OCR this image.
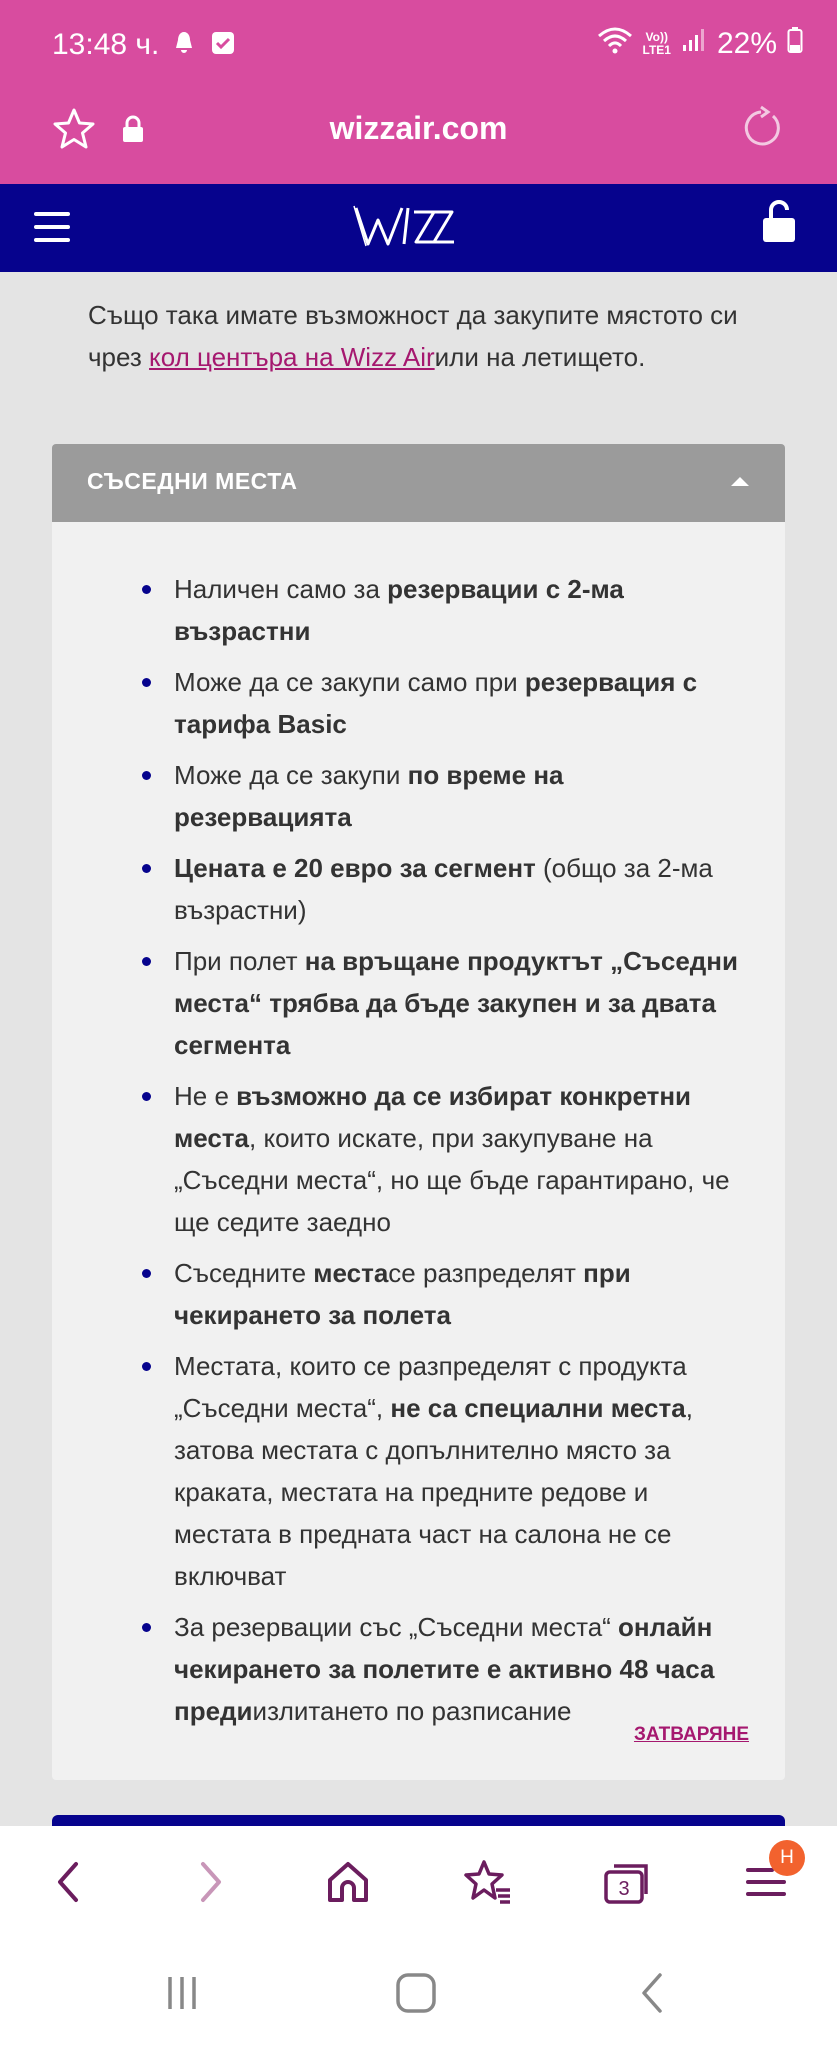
13:48 ч.	Vo))
LTE1 22%
wizzair.com

Също така имате възможност да закупите мястото си чрез кол центъра на Wizz Airили на летището.

СЪСЕДНИ МЕСТА
Наличен само за резервации с 2-ма възрастни
Може да се закупи само при резервация с тарифа Basic
Може да се закупи по време на резервацията
Цената е 20 евро за сегмент (общо за 2-ма възрастни)
При полет на връщане продуктът „Съседни места“ трябва да бъде закупен и за двата сегмента
Не е възможно да се избират конкретни места, които искате, при закупуване на „Съседни места“, но ще бъде гарантирано, че ще седите заедно
Съседните местасе разпределят при чекирането за полета
Местата, които се разпределят с продукта „Съседни места“, не са специални места, затова местата с допълнително място за краката, местата на предните редове и местата в предната част на салона не се включват
За резервации със „Съседни места“ онлайн чекирането за полетите е активно 48 часа предиизлитането по разписание
ЗАТВАРЯНЕ
3
Н
